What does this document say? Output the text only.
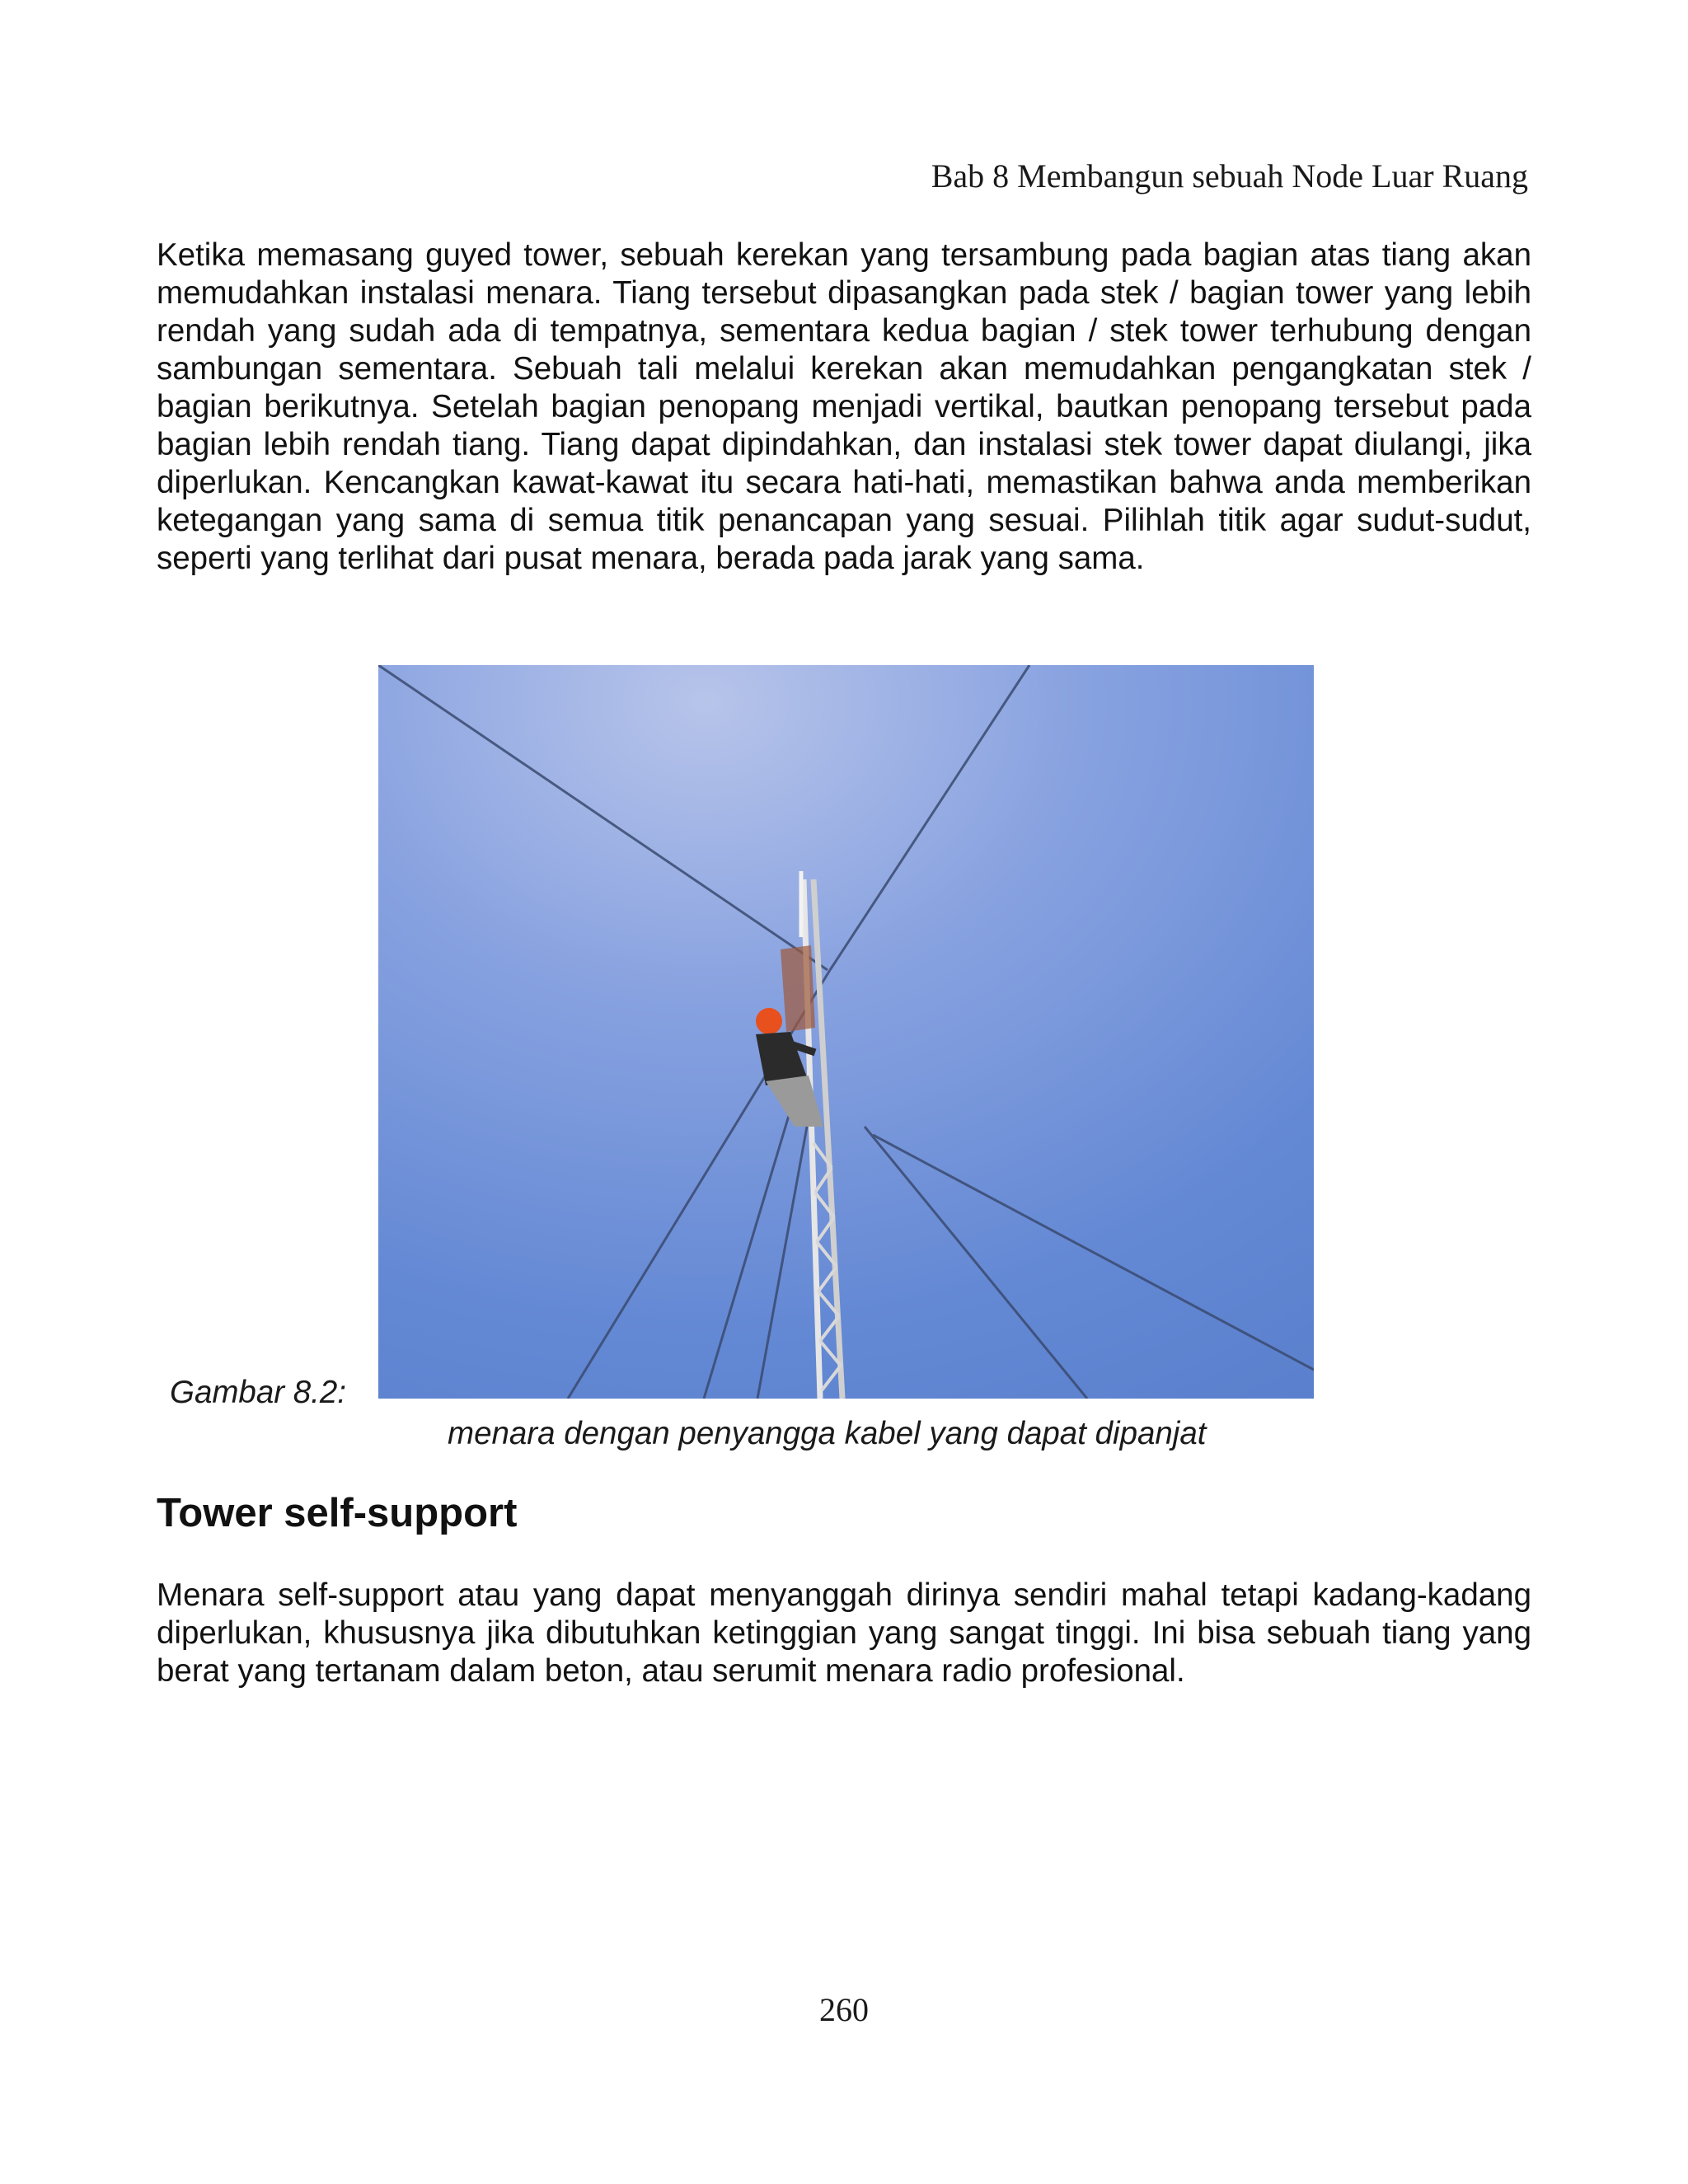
Bab 8 Membangun sebuah Node Luar Ruang

Ketika memasang guyed tower, sebuah kerekan yang tersambung pada bagian atas tiang akan memudahkan instalasi menara. Tiang tersebut dipasangkan pada stek / bagian tower yang lebih rendah yang sudah ada di tempatnya, sementara kedua bagian / stek tower terhubung dengan sambungan sementara. Sebuah tali melalui kerekan akan memudahkan pengangkatan stek / bagian berikutnya. Setelah bagian penopang menjadi vertikal, bautkan penopang tersebut pada bagian lebih rendah tiang. Tiang dapat dipindahkan, dan instalasi stek tower dapat diulangi, jika diperlukan. Kencangkan kawat-kawat itu secara hati-hati, memastikan bahwa anda memberikan ketegangan yang sama di semua titik penancapan yang sesuai. Pilihlah titik agar sudut-sudut, seperti yang terlihat dari pusat menara, berada pada jarak yang sama.

Gambar 8.2:
menara dengan penyangga kabel yang dapat dipanjat
Tower self-support

Menara self-support atau yang dapat menyanggah dirinya sendiri mahal tetapi kadang-kadang diperlukan, khususnya jika dibutuhkan ketinggian yang sangat tinggi. Ini bisa sebuah tiang yang berat yang tertanam dalam beton, atau serumit menara radio profesional.

260
